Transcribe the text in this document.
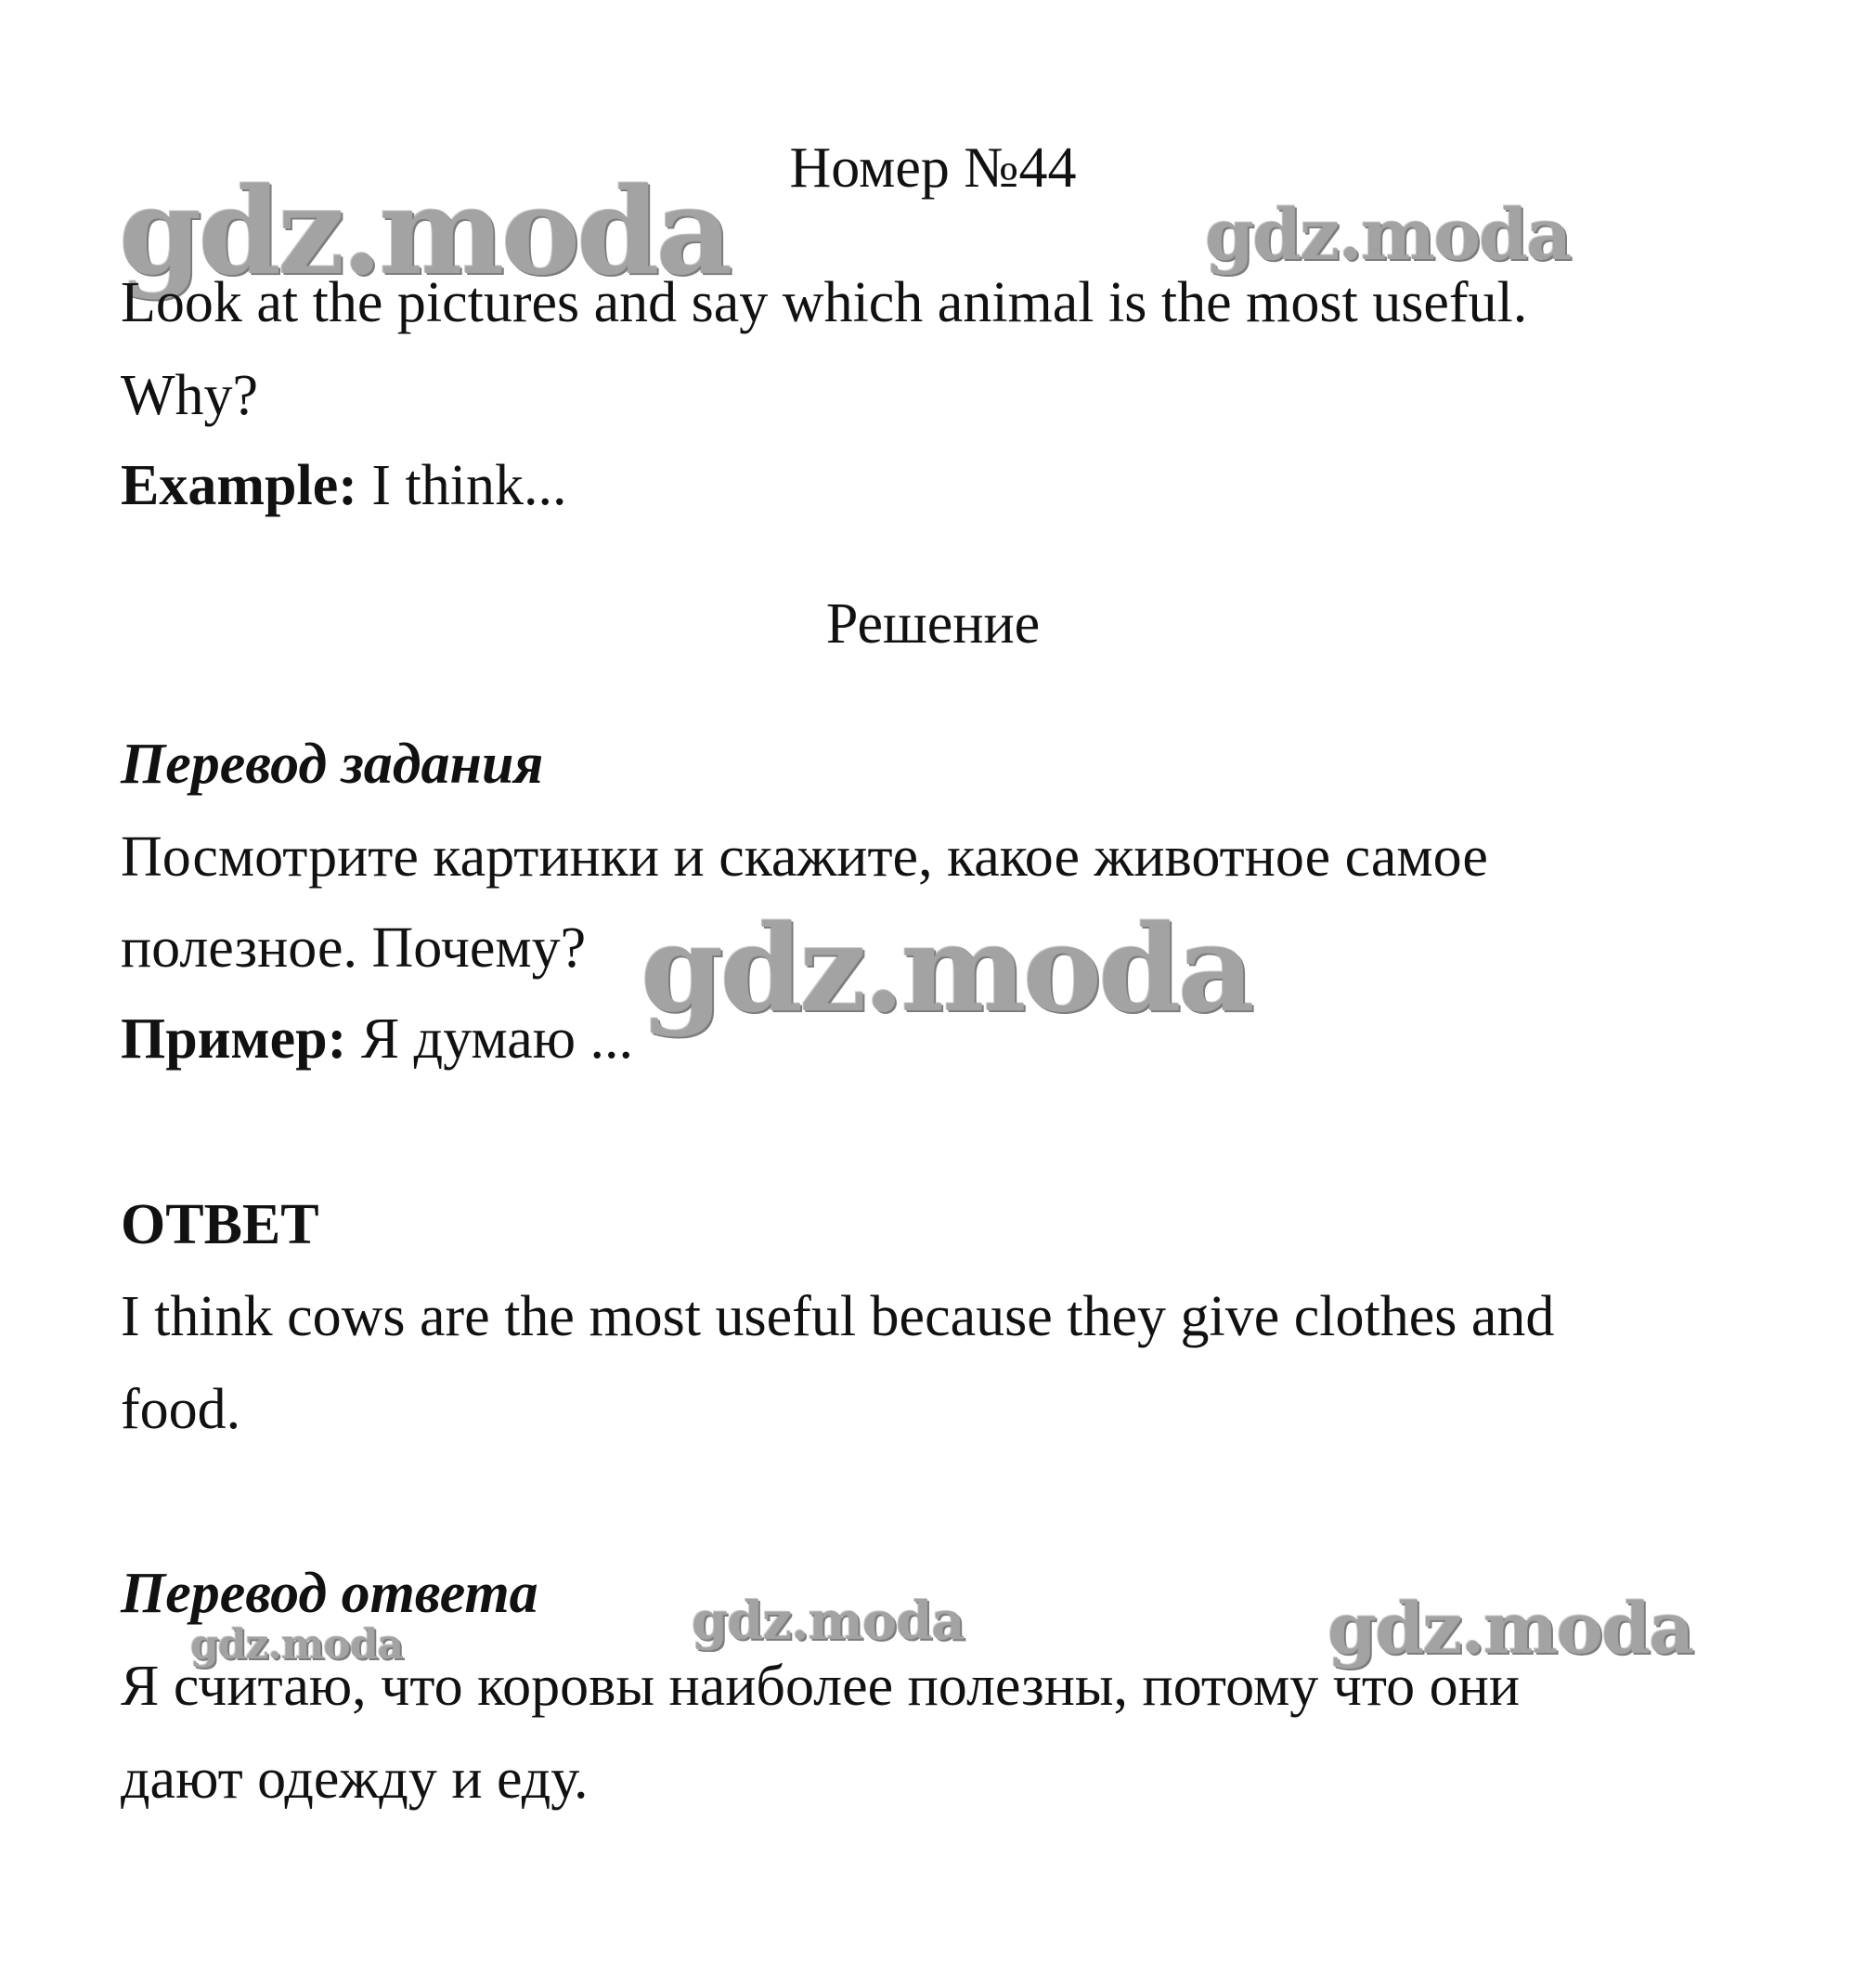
gdz.moda	gdz.moda
gdz.moda
gdz.moda
gdz.moda	gdz.moda
Номер №44
Look at the pictures and say which animal is the most useful.
Why?
Example: I think...
Решение
Перевод задания
Посмотрите картинки и скажите, какое животное самое
полезное. Почему?
Пример: Я думаю ...
ОТВЕТ
I think cows are the most useful because they give clothes and
food.
Перевод ответа
Я считаю, что коровы наиболее полезны, потому что они
дают одежду и еду.
